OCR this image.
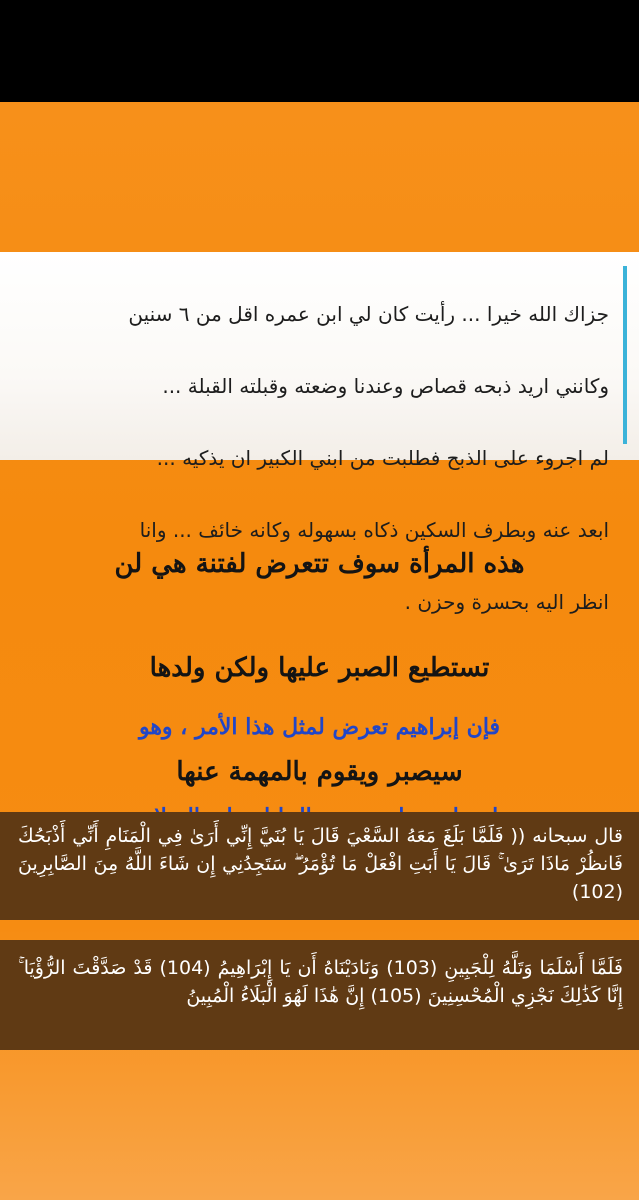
جزاك الله خيرا ... رأيت كان لي ابن عمره اقل من ٦ سنين

وكانني اريد ذبحه قصاص وعندنا وضعته وقبلته القبلة ...

لم اجروء على الذبح فطلبت من ابني الكبير ان يذكيه ...

ابعد عنه وبطرف السكين ذكاه بسهوله وكانه خائف ... وانا

انظر اليه بحسرة وحزن .

هذه المرأة سوف تتعرض لفتنة هي لن

تستطيع الصبر عليها ولكن ولدها

سيصبر ويقوم بالمهمة عنها

فإن إبراهيم تعرض لمثل هذا الأمر ، وهو

قال سبحانه (( فَلَمَّا بَلَغَ مَعَهُ السَّعْيَ قَالَ يَا بُنَيَّ إِنِّي أَرَىٰ فِي الْمَنَامِ أَنِّي أَذْبَحُكَ فَانظُرْ مَاذَا تَرَىٰ ۚ قَالَ يَا أَبَتِ افْعَلْ مَا تُؤْمَرُ ۖ سَتَجِدُنِي إِن شَاءَ اللَّهُ مِنَ الصَّابِرِينَ (102)
فَلَمَّا أَسْلَمَا وَتَلَّهُ لِلْجَبِينِ (103) وَنَادَيْنَاهُ أَن يَا إِبْرَاهِيمُ (104) قَدْ صَدَّقْتَ الرُّؤْيَا ۚ إِنَّا كَذَٰلِكَ نَجْزِي الْمُحْسِنِينَ (105) إِنَّ هَٰذَا لَهُوَ الْبَلَاءُ الْمُبِينُ
